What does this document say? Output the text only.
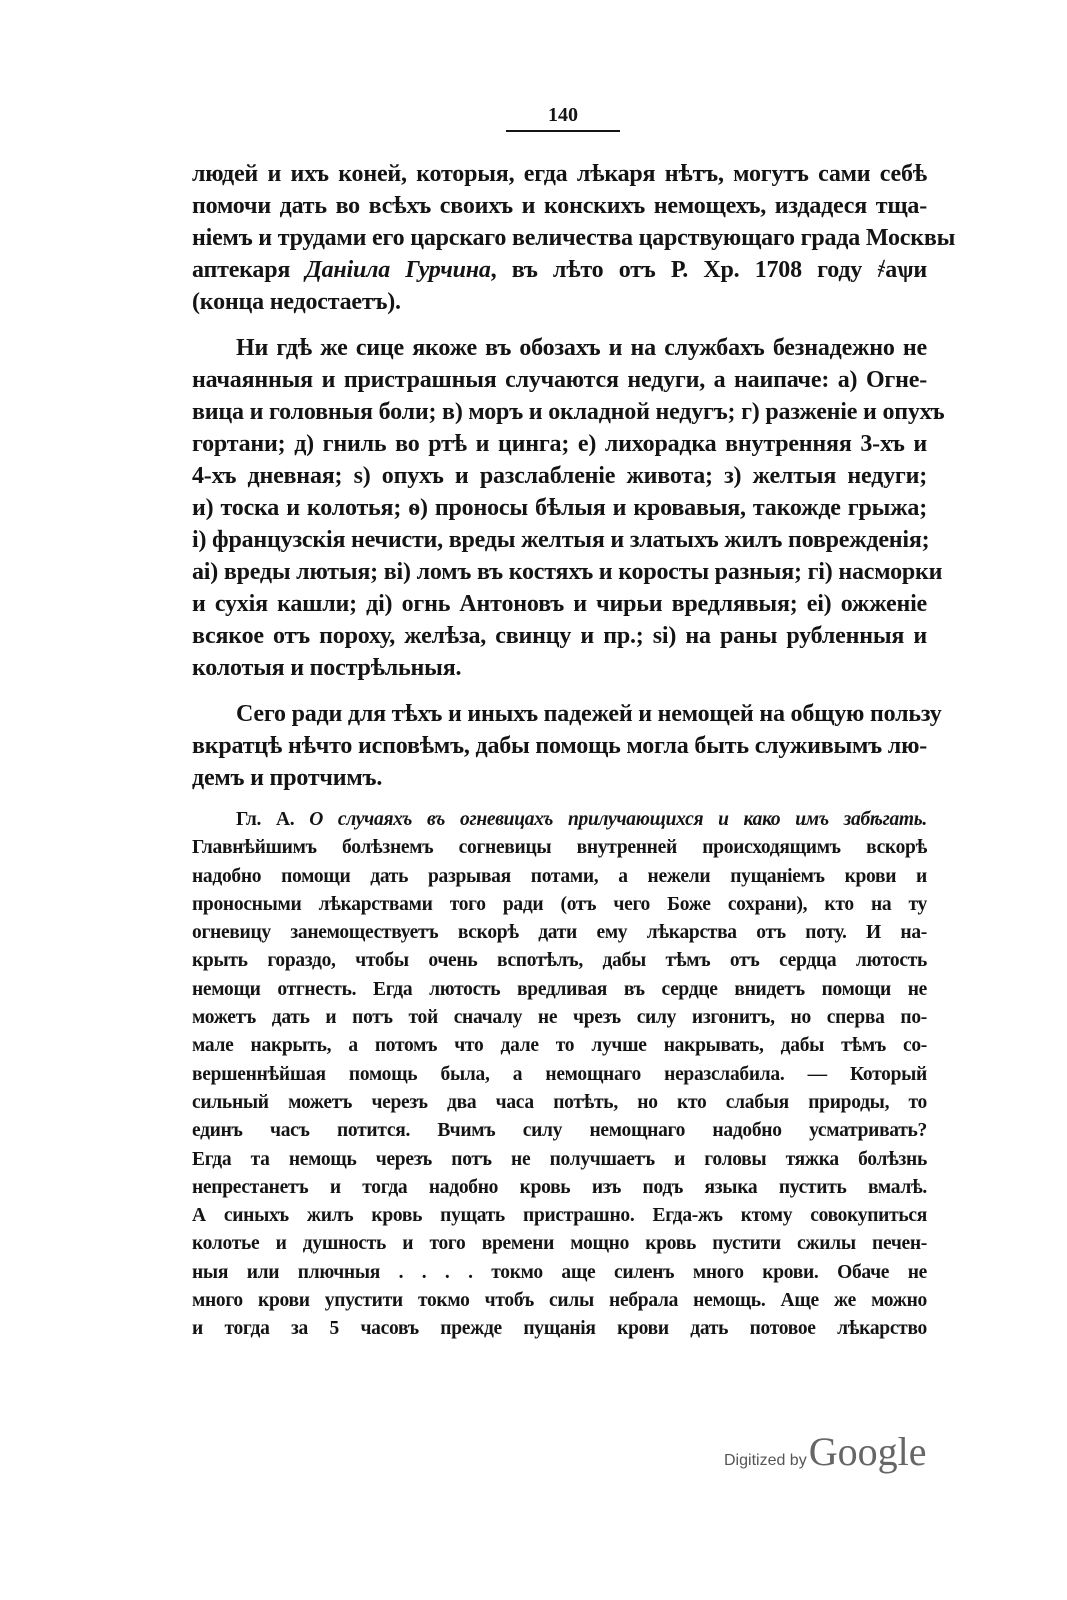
140
людей и ихъ коней, которыя, егда лѣкаря нѣтъ, могутъ сами себѣ
помочи дать во всѣхъ своихъ и конскихъ немощехъ, издадеся тща-
ніемъ и трудами его царскаго величества царствующаго града Москвы
аптекаря Данiила Гурчина, въ лѣто отъ Р. Хр. 1708 году ҂аѱи
(конца недостаетъ).
Ни гдѣ же сице якоже въ обозахъ и на службахъ безнадежно не
начаянныя и пристрашныя случаются недуги, а наипаче: а) Огне-
вица и головныя боли; в) моръ и окладной недугъ; г) разженіе и опухъ
гортани; д) гниль во ртѣ и цинга; е) лихорадка внутренняя 3-хъ и
4-хъ дневная; ѕ) опухъ и разслабленіе живота; з) желтыя недуги;
и) тоска и колотья; ѳ) проносы бѣлыя и кровавыя, такожде грыжа;
і) французскія нечисти, вреды желтыя и златыхъ жилъ поврежденія;
аі) вреды лютыя; ві) ломъ въ костяхъ и коросты разныя; гі) насморки
и сухія кашли; ді) огнь Антоновъ и чирьи вредлявыя; еі) ожженіе
всякое отъ пороху, желѣза, свинцу и пр.; ѕі) на раны рубленныя и
колотыя и пострѣльныя.
Сего ради для тѣхъ и иныхъ падежей и немощей на общую пользу
вкратцѣ нѣчто исповѣмъ, дабы помощь могла быть служивымъ лю-
демъ и протчимъ.
Гл. А. О случаяхъ въ огневицахъ прилучающихся и како имъ забѣгать.
Главнѣйшимъ болѣзнемъ согневицы внутренней происходящимъ вскорѣ
надобно помощи дать разрывая потами, а нежели пущаніемъ крови и
проносными лѣкарствами того ради (отъ чего Боже сохрани), кто на ту
огневицу занемоществуетъ вскорѣ дати ему лѣкарства отъ поту. И на-
крыть гораздо, чтобы очень вспотѣлъ, дабы тѣмъ отъ сердца лютость
немощи отгнесть. Егда лютость вредливая въ сердце внидетъ помощи не
можетъ дать и потъ той сначалу не чрезъ силу изгонитъ, но сперва по-
мале накрыть, а потомъ что дале то лучше накрывать, дабы тѣмъ со-
вершеннѣйшая помощь была, а немощнаго неразслабила. — Который
сильный можетъ черезъ два часа потѣть, но кто слабыя природы, то
единъ часъ потится. Вчимъ силу немощнаго надобно усматривать?
Егда та немощь черезъ потъ не получшаетъ и головы тяжка болѣзнь
непрестанетъ и тогда надобно кровь изъ подъ языка пустить вмалѣ.
А синыхъ жилъ кровь пущать пристрашно. Егда-жъ ктому совокупиться
колотье и душность и того времени мощно кровь пустити сжилы печен-
ныя или плючныя . . . . токмо аще силенъ много крови. Обаче не
много крови упустити токмо чтобъ силы небрала немощь. Аще же можно
и тогда за 5 часовъ прежде пущанія крови дать потовое лѣкарство
Digitized byGoogle
